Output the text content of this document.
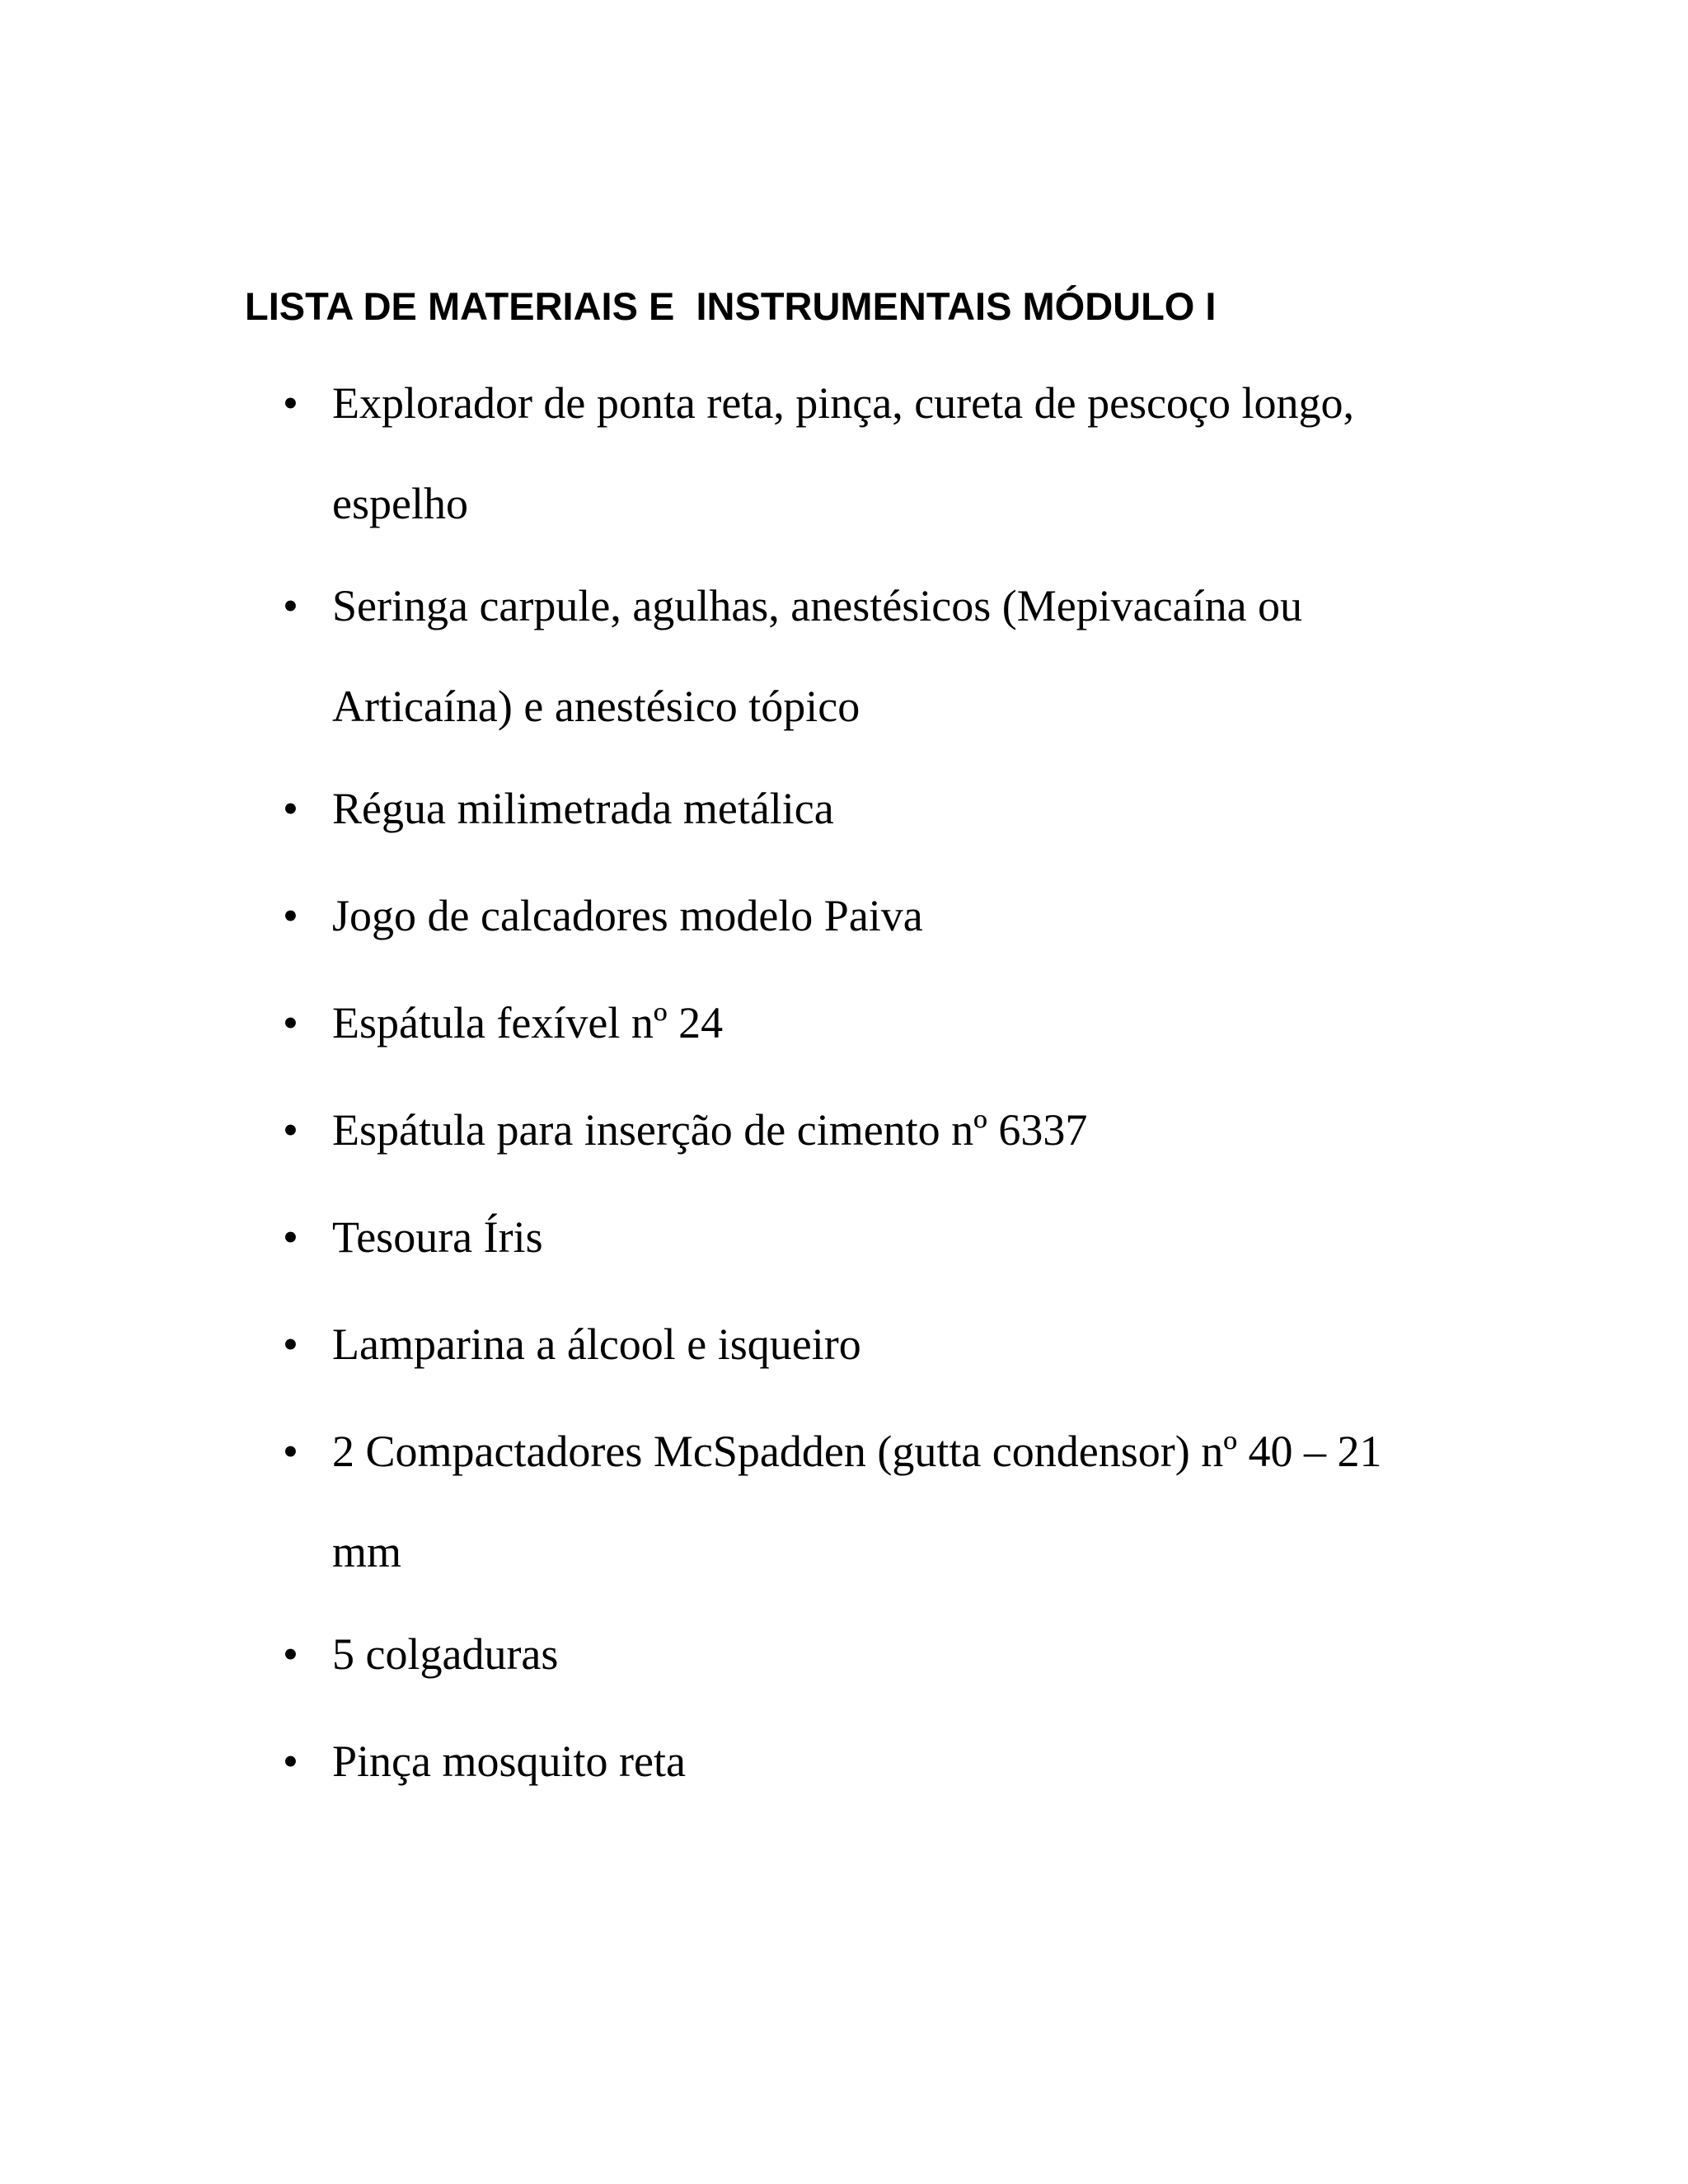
LISTA DE MATERIAIS E  INSTRUMENTAIS MÓDULO I
• Explorador de ponta reta, pinça, cureta de pescoço longo, espelho
• Seringa carpule, agulhas, anestésicos (Mepivacaína ou Articaína) e anestésico tópico
• Régua milimetrada metálica
• Jogo de calcadores modelo Paiva
• Espátula fexível nº 24
• Espátula para inserção de cimento nº 6337
• Tesoura Íris
• Lamparina a álcool e isqueiro
• 2 Compactadores McSpadden (gutta condensor) nº 40 – 21 mm
• 5 colgaduras
• Pinça mosquito reta
